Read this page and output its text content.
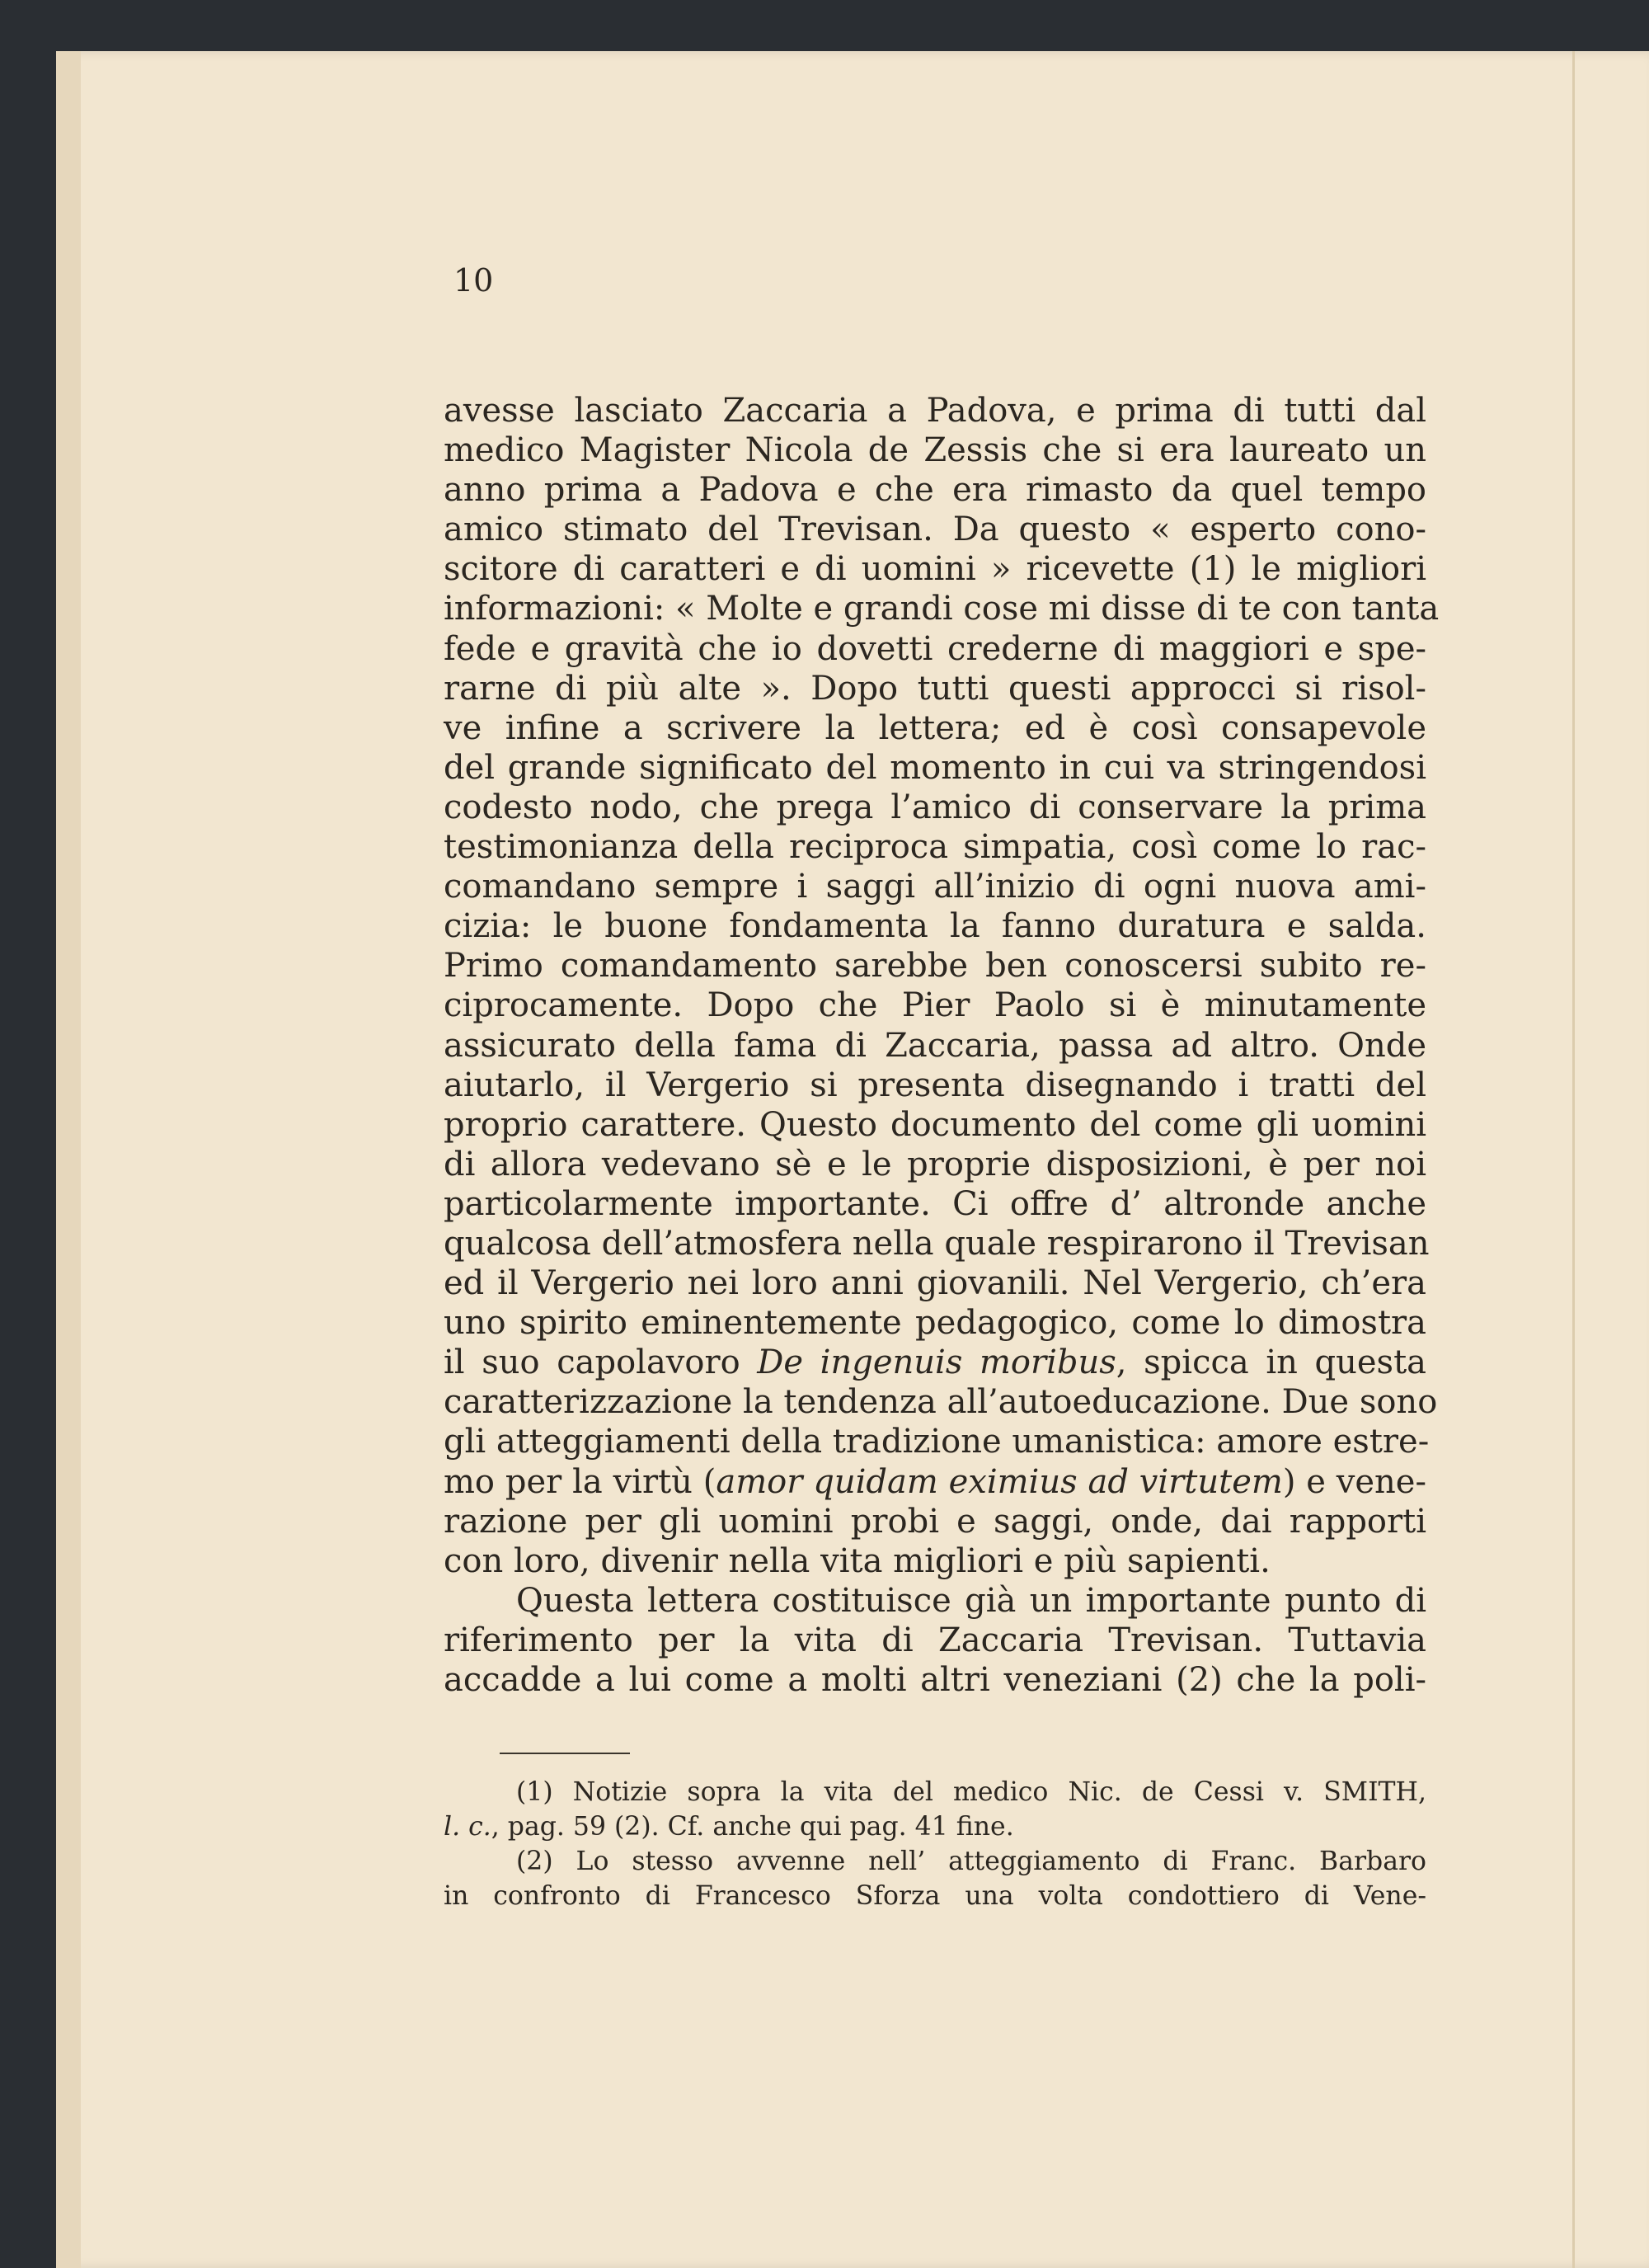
10

avesse lasciato Zaccaria a Padova, e prima di tutti dal
medico Magister Nicola de Zessis che si era laureato un
anno prima a Padova e che era rimasto da quel tempo
amico stimato del Trevisan. Da questo « esperto cono-
scitore di caratteri e di uomini » ricevette (1) le migliori
informazioni: « Molte e grandi cose mi disse di te con tanta
fede e gravità che io dovetti crederne di maggiori e spe-
rarne di più alte ». Dopo tutti questi approcci si risol-
ve infine a scrivere la lettera; ed è così consapevole
del grande significato del momento in cui va stringendosi
codesto nodo, che prega l’amico di conservare la prima
testimonianza della reciproca simpatia, così come lo rac-
comandano sempre i saggi all’inizio di ogni nuova ami-
cizia: le buone fondamenta la fanno duratura e salda.
Primo comandamento sarebbe ben conoscersi subito re-
ciprocamente. Dopo che Pier Paolo si è minutamente
assicurato della fama di Zaccaria, passa ad altro. Onde
aiutarlo, il Vergerio si presenta disegnando i tratti del
proprio carattere. Questo documento del come gli uomini
di allora vedevano sè e le proprie disposizioni, è per noi
particolarmente importante. Ci offre d’ altronde anche
qualcosa dell’atmosfera nella quale respirarono il Trevisan
ed il Vergerio nei loro anni giovanili. Nel Vergerio, ch’era
uno spirito eminentemente pedagogico, come lo dimostra
il suo capolavoro De ingenuis moribus, spicca in questa
caratterizzazione la tendenza all’autoeducazione. Due sono
gli atteggiamenti della tradizione umanistica: amore estre-
mo per la virtù (amor quidam eximius ad virtutem) e vene-
razione per gli uomini probi e saggi, onde, dai rapporti
con loro, divenir nella vita migliori e più sapienti.
Questa lettera costituisce già un importante punto di
riferimento per la vita di Zaccaria Trevisan. Tuttavia
accadde a lui come a molti altri veneziani (2) che la poli-
(1) Notizie sopra la vita del medico Nic. de Cessi v. SMITH,
l. c., pag. 59 (2). Cf. anche qui pag. 41 fine.
(2) Lo stesso avvenne nell’ atteggiamento di Franc. Barbaro
in confronto di Francesco Sforza una volta condottiero di Vene-
